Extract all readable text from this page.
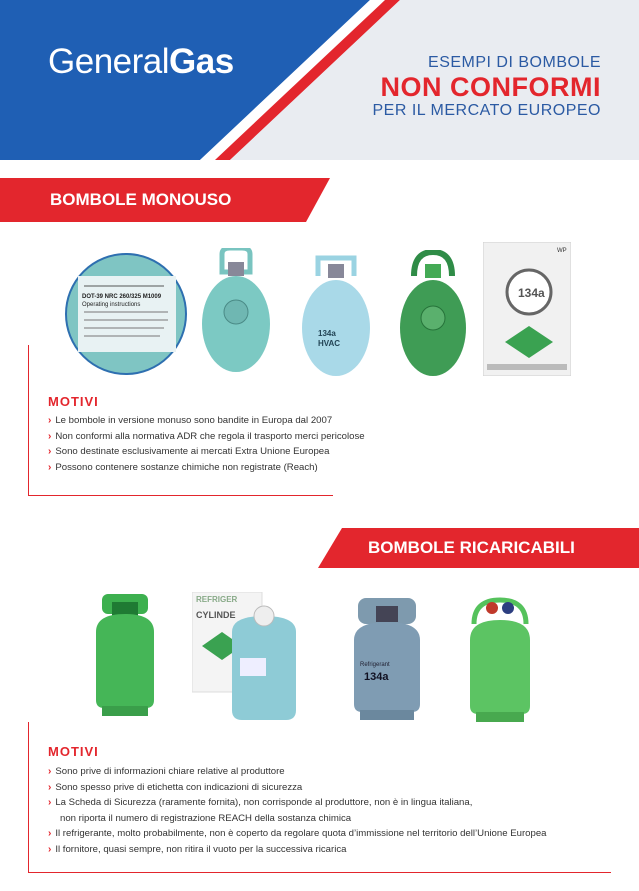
GeneralGas	ESEMPI DI BOMBOLE
NON CONFORMI
PER IL MERCATO EUROPEO
BOMBOLE MONOUSO
DOT-39 NRC 260/325 M1009
Operating instructions
134a
HVAC
WP
134a
MOTIVI
› Le bombole in versione monuso sono bandite in Europa dal 2007
› Non conformi alla normativa ADR che regola il trasporto merci pericolose
› Sono destinate esclusivamente ai mercati Extra Unione Europea
› Possono contenere sostanze chimiche non registrate (Reach)
BOMBOLE RICARICABILI
REFRIGER
CYLINDE
Refrigerant
134a
MOTIVI
› Sono prive di informazioni chiare relative al produttore
› Sono spesso prive di etichetta con indicazioni di sicurezza
› La Scheda di Sicurezza (raramente fornita), non corrisponde al produttore, non è in lingua italiana,
non riporta il numero di registrazione REACH della sostanza chimica
› Il refrigerante, molto probabilmente, non è coperto da regolare quota d’immissione nel territorio dell’Unione Europea
› Il fornitore, quasi sempre, non ritira il vuoto per la successiva ricarica
